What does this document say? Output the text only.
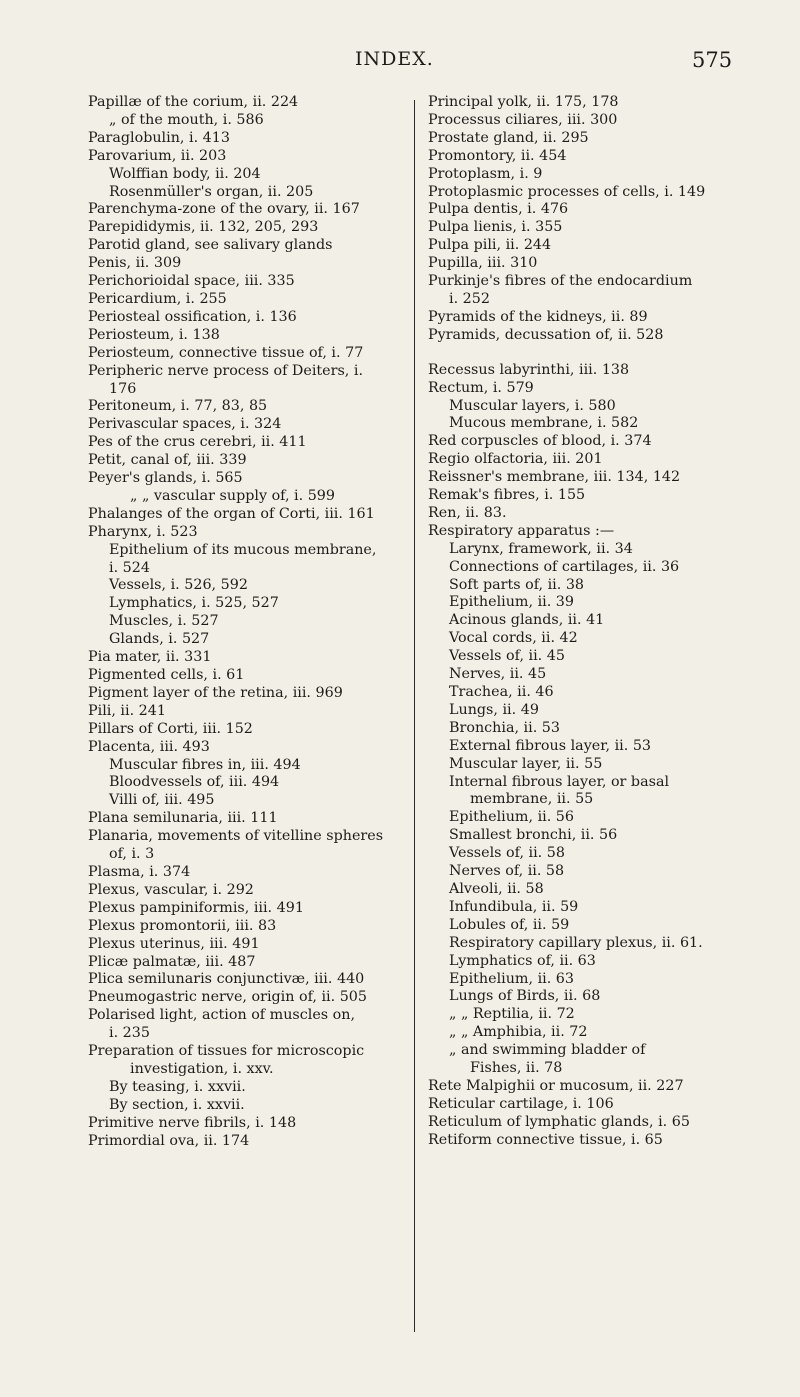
INDEX.	575
Papillæ of the corium, ii. 224
„ of the mouth, i. 586
Paraglobulin, i. 413
Parovarium, ii. 203
Wolffian body, ii. 204
Rosenmüller's organ, ii. 205
Parenchyma-zone of the ovary, ii. 167
Parepididymis, ii. 132, 205, 293
Parotid gland, see salivary glands
Penis, ii. 309
Perichorioidal space, iii. 335
Pericardium, i. 255
Periosteal ossification, i. 136
Periosteum, i. 138
Periosteum, connective tissue of, i. 77
Peripheric nerve process of Deiters, i.
176
Peritoneum, i. 77, 83, 85
Perivascular spaces, i. 324
Pes of the crus cerebri, ii. 411
Petit, canal of, iii. 339
Peyer's glands, i. 565
„ „ vascular supply of, i. 599
Phalanges of the organ of Corti, iii. 161
Pharynx, i. 523
Epithelium of its mucous membrane,
i. 524
Vessels, i. 526, 592
Lymphatics, i. 525, 527
Muscles, i. 527
Glands, i. 527
Pia mater, ii. 331
Pigmented cells, i. 61
Pigment layer of the retina, iii. 969
Pili, ii. 241
Pillars of Corti, iii. 152
Placenta, iii. 493
Muscular fibres in, iii. 494
Bloodvessels of, iii. 494
Villi of, iii. 495
Plana semilunaria, iii. 111
Planaria, movements of vitelline spheres
of, i. 3
Plasma, i. 374
Plexus, vascular, i. 292
Plexus pampiniformis, iii. 491
Plexus promontorii, iii. 83
Plexus uterinus, iii. 491
Plicæ palmatæ, iii. 487
Plica semilunaris conjunctivæ, iii. 440
Pneumogastric nerve, origin of, ii. 505
Polarised light, action of muscles on,
i. 235
Preparation of tissues for microscopic
investigation, i. xxv.
By teasing, i. xxvii.
By section, i. xxvii.
Primitive nerve fibrils, i. 148
Primordial ova, ii. 174
Principal yolk, ii. 175, 178
Processus ciliares, iii. 300
Prostate gland, ii. 295
Promontory, ii. 454
Protoplasm, i. 9
Protoplasmic processes of cells, i. 149
Pulpa dentis, i. 476
Pulpa lienis, i. 355
Pulpa pili, ii. 244
Pupilla, iii. 310
Purkinje's fibres of the endocardium
i. 252
Pyramids of the kidneys, ii. 89
Pyramids, decussation of, ii. 528
Recessus labyrinthi, iii. 138
Rectum, i. 579
Muscular layers, i. 580
Mucous membrane, i. 582
Red corpuscles of blood, i. 374
Regio olfactoria, iii. 201
Reissner's membrane, iii. 134, 142
Remak's fibres, i. 155
Ren, ii. 83.
Respiratory apparatus :—
Larynx, framework, ii. 34
Connections of cartilages, ii. 36
Soft parts of, ii. 38
Epithelium, ii. 39
Acinous glands, ii. 41
Vocal cords, ii. 42
Vessels of, ii. 45
Nerves, ii. 45
Trachea, ii. 46
Lungs, ii. 49
Bronchia, ii. 53
External fibrous layer, ii. 53
Muscular layer, ii. 55
Internal fibrous layer, or basal
membrane, ii. 55
Epithelium, ii. 56
Smallest bronchi, ii. 56
Vessels of, ii. 58
Nerves of, ii. 58
Alveoli, ii. 58
Infundibula, ii. 59
Lobules of, ii. 59
Respiratory capillary plexus, ii. 61.
Lymphatics of, ii. 63
Epithelium, ii. 63
Lungs of Birds, ii. 68
„ „ Reptilia, ii. 72
„ „ Amphibia, ii. 72
„ and swimming bladder of
Fishes, ii. 78
Rete Malpighii or mucosum, ii. 227
Reticular cartilage, i. 106
Reticulum of lymphatic glands, i. 65
Retiform connective tissue, i. 65
